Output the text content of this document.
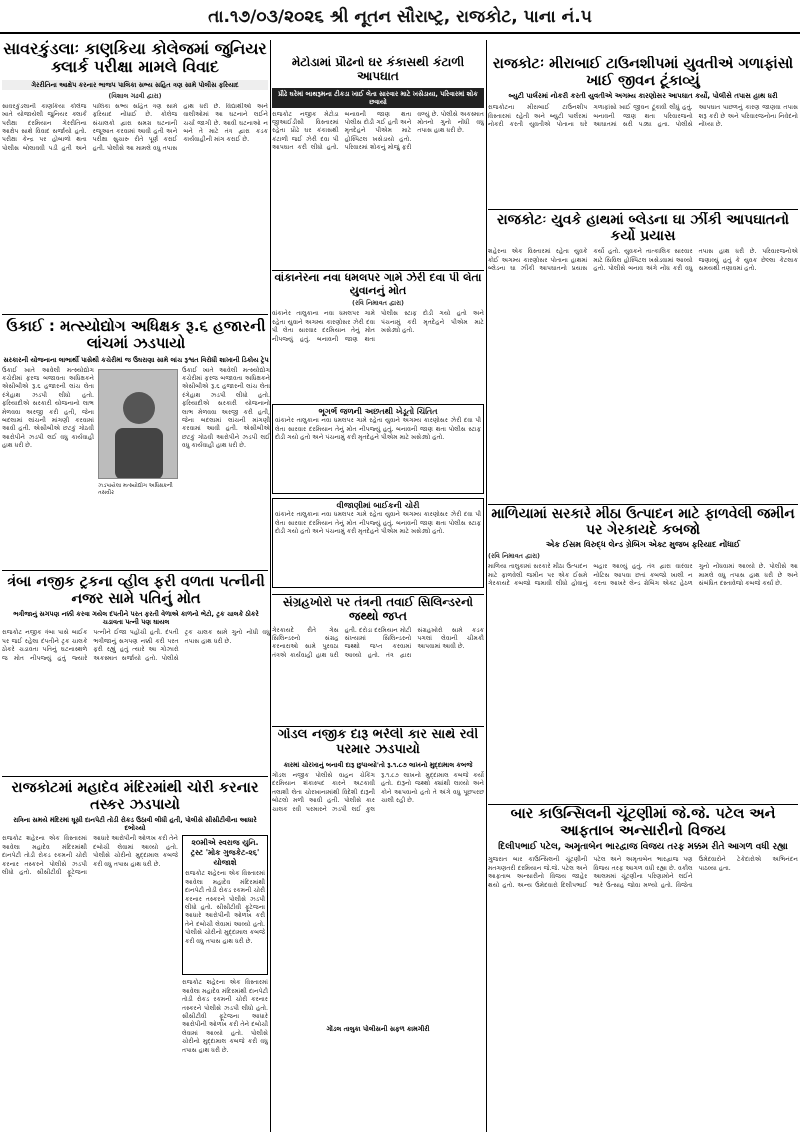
તા.૧૭/૦૩/૨૦૨૬ શ્રી નૂતન સૌરાષ્ટ્ર, રાજકોટ, પાના નં.૫
સાવરકુંડલાઃ કાણકિયા કોલેજમાં જુનિયર ક્લાર્ક પરીક્ષા મામલે વિવાદ
ગેરરીતિના આક્ષેપ કરનાર ભાજપ પાલિકા સભ્ય સહિત ત્રણ સામે પોલીસ ફરિયાદ
(વિશાલ ગઢવી દ્વારા)
સાવરકુંડલાની કાણકિયા કોલેજ ખાતે યોજાયેલી જુનિયર ક્લાર્ક પરીક્ષા દરમિયાન ગેરરીતિના આક્ષેપ સાથે વિવાદ સર્જાયો હતો. પરીક્ષા કેન્દ્ર પર હોબાળો થતા પોલીસ બોલાવવી પડી હતી અને પાલિકા સભ્ય સહિત ત્રણ સામે ફરિયાદ નોંધાઈ છે. કોલેજ સંચાલકો દ્વારા સમગ્ર ઘટનાની રજૂઆત કરવામાં આવી હતી અને પરીક્ષા સુચારુ રીતે પૂર્ણ કરાઈ હતી. પોલીસે આ મામલે વધુ તપાસ હાથ ધરી છે. વિદ્યાર્થીઓ અને વાલીઓમાં આ ઘટનાને લઈને ચર્ચા જાગી છે. આવી ઘટનાઓ ન બને તે માટે તંત્ર દ્વારા કડક કાર્યવાહીની માંગ કરાઈ છે.
મેટોડામાં પ્રૌઢનો ઘર કંકાસથી કંટાળી આપઘાત
પ્રૌઢે ઘરેમાં બાથરૂમના ટીકડા ખાઈ લેતા સારવાર માટે ખસેડાયા, પરિવારમાં શોક છવાયો
રાજકોટ નજીક મેટોડા જીઆઈડીસી વિસ્તારમાં રહેતા પ્રૌઢે ઘર કંકાસથી કંટાળી જઈ ઝેરી દવા પી આપઘાત કરી લીધો હતો. બનાવની જાણ થતા પોલીસ દોડી ગઈ હતી અને મૃતદેહને પીએમ માટે હોસ્પિટલ ખસેડાયો હતો. પરિવારમાં શોકનું મોજું ફરી વળ્યું છે. પોલીસે અકસ્માત મોતનો ગુનો નોંધી વધુ તપાસ હાથ ધરી છે.
રાજકોટઃ મીરાબાઈ ટાઉનશીપમાં યુવતીએ ગળાફાંસો ખાઈ જીવન ટૂંકાવ્યું
બ્યુટી પાર્લરમાં નોકરી કરતી યુવતીએ અગમ્ય કારણોસર આપઘાત કર્યો, પોલીસે તપાસ હાથ ધરી
રાજકોટના મીરાબાઈ ટાઉનશીપ વિસ્તારમાં રહેતી અને બ્યુટી પાર્લરમાં નોકરી કરતી યુવતીએ પોતાના ઘરે ગળાફાંસો ખાઈ જીવન ટૂંકાવી લીધું હતું. બનાવની જાણ થતા પરિવારજનો આઘાતમાં સરી પડ્યા હતા. પોલીસે આપઘાત પાછળનું કારણ જાણવા તપાસ શરૂ કરી છે અને પરિવારજનોના નિવેદનો નોંધ્યા છે.
રાજકોટઃ યુવકે હાથમાં બ્લેડના ઘા ઝીંકી આપઘાતનો કર્યો પ્રયાસ
શહેરના એક વિસ્તારમાં રહેતા યુવકે કોઈ અગમ્ય કારણોસર પોતાના હાથમાં બ્લેડના ઘા ઝીંકી આપઘાતનો પ્રયાસ કર્યો હતો. યુવકને તાત્કાલિક સારવાર માટે સિવિલ હોસ્પિટલ ખસેડવામાં આવ્યો હતો. પોલીસે બનાવ અંગે નોંધ કરી વધુ તપાસ હાથ ધરી છે. પરિવારજનોએ જણાવ્યું હતું કે યુવક છેલ્લા કેટલાક સમયથી તણાવમાં હતો.
ઉકાઈ : મત્સ્યોદ્યોગ અધિક્ષક રૂ.૬ હજારની લાંચમાં ઝડપાયો
સરકારની યોજનાના લાભાર્થી પાસેથી કચેરીમાં જ ઉઘરાણા સામે લાંચ રૂશ્વત વિરોધી શાખાની ડિકોય ટ્રેપ
ઉકાઈ ખાતે આવેલી મત્સ્યોદ્યોગ કચેરીમાં ફરજ બજાવતા અધિક્ષકને એસીબીએ રૂ.૬ હજારની લાંચ લેતા રંગેહાથ ઝડપી લીધો હતો. ફરિયાદીએ સરકારી યોજનાનો લાભ મેળવવા અરજી કરી હતી, જેના બદલામાં લાંચની માંગણી કરવામાં આવી હતી. એસીબીએ છટકું ગોઠવી આરોપીને ઝડપી લઈ વધુ કાર્યવાહી હાથ ધરી છે.
ઝડપાયેલા મત્સ્યોદ્યોગ અધિક્ષકની તસવીર
ઉકાઈ ખાતે આવેલી મત્સ્યોદ્યોગ કચેરીમાં ફરજ બજાવતા અધિક્ષકને એસીબીએ રૂ.૬ હજારની લાંચ લેતા રંગેહાથ ઝડપી લીધો હતો. ફરિયાદીએ સરકારી યોજનાનો લાભ મેળવવા અરજી કરી હતી, જેના બદલામાં લાંચની માંગણી કરવામાં આવી હતી. એસીબીએ છટકું ગોઠવી આરોપીને ઝડપી લઈ વધુ કાર્યવાહી હાથ ધરી છે.
વાંકાનેરના નવા ધમલપર ગામે ઝેરી દવા પી લેતા યુવાનનું મોત
(રવિ નિમાવત દ્વારા)
વાંકાનેર તાલુકાના નવા ધમલપર ગામે રહેતા યુવાને અગમ્ય કારણોસર ઝેરી દવા પી લેતા સારવાર દરમિયાન તેનું મોત નીપજ્યું હતું. બનાવની જાણ થતા પોલીસ સ્ટાફ દોડી ગયો હતો અને પંચનામું કરી મૃતદેહને પીએમ માટે ખસેડ્યો હતો.
ભૂગર્ભ જળની અછતથી ખેડૂતો ચિંતિત
વાંકાનેર તાલુકાના નવા ધમલપર ગામે રહેતા યુવાને અગમ્ય કારણોસર ઝેરી દવા પી લેતા સારવાર દરમિયાન તેનું મોત નીપજ્યું હતું. બનાવની જાણ થતા પોલીસ સ્ટાફ દોડી ગયો હતો અને પંચનામું કરી મૃતદેહને પીએમ માટે ખસેડ્યો હતો.
વીજાણીમાં બાઈકની ચોરી
વાંકાનેર તાલુકાના નવા ધમલપર ગામે રહેતા યુવાને અગમ્ય કારણોસર ઝેરી દવા પી લેતા સારવાર દરમિયાન તેનું મોત નીપજ્યું હતું. બનાવની જાણ થતા પોલીસ સ્ટાફ દોડી ગયો હતો અને પંચનામું કરી મૃતદેહને પીએમ માટે ખસેડ્યો હતો.
માળિયામાં સરકારે મીઠા ઉત્પાદન માટે ફાળવેલી જમીન પર ગેરકાયદે કબજો
એક ઈસમ વિરુદ્ધ લેન્ડ ગ્રેબિંગ એક્ટ મુજબ ફરિયાદ નોંધાઈ
(રવિ નિમાવત દ્વારા)
માળિયા તાલુકામાં સરકારે મીઠા ઉત્પાદન માટે ફાળવેલી જમીન પર એક ઈસમે ગેરકાયદે કબજો જમાવી લીધો હોવાનું બહાર આવ્યું હતું. તંત્ર દ્વારા વારંવાર નોટિસ આપવા છતાં કબજો ખાલી ન કરતા આખરે લેન્ડ ગ્રેબિંગ એક્ટ હેઠળ ગુનો નોંધવામાં આવ્યો છે. પોલીસે આ મામલે વધુ તપાસ હાથ ધરી છે અને સંબંધિત દસ્તાવેજો કબજે કર્યા છે.
ત્રંબા નજીક ટ્રકના વ્હીલ ફરી વળતા પત્નીની નજર સામે પતિનું મોત
ભત્રીજાનું સગપણ નક્કી કરવા ગયેલ દંપતીને પરત ફરતી વેળાએ કાળનો ભેટો, ટ્રક ચાલકે ઠોકરે ચડાવતા પત્ની પણ ઘાયલ
રાજકોટ નજીક ત્રંબા પાસે બાઈક પર જઈ રહેલા દંપતીને ટ્રક ચાલકે ઠોકરે ચડાવતા પતિનું ઘટનાસ્થળે જ મોત નીપજ્યું હતું જ્યારે પત્નીને ઈજા પહોંચી હતી. દંપતી ભત્રીજાનું સગપણ નક્કી કરી પરત ફરી રહ્યું હતું ત્યારે આ ગોઝારો અકસ્માત સર્જાયો હતો. પોલીસે ટ્રક ચાલક સામે ગુનો નોંધી વધુ તપાસ હાથ ધરી છે.
સંગ્રહખોરો પર તંત્રની તવાઈ સિલિન્ડરનો જથ્થો જપ્ત
ગેરકાયદે રીતે ગેસ સિલિન્ડરનો સંગ્રહ કરનારાઓ સામે પુરવઠા તંત્રએ કાર્યવાહી હાથ ધરી હતી. દરોડા દરમિયાન મોટી સંખ્યામાં સિલિન્ડરનો જથ્થો જપ્ત કરવામાં આવ્યો હતો. તંત્ર દ્વારા સંગ્રહખોરો સામે કડક પગલાં લેવાની ચીમકી આપવામાં આવી છે.
ગોંડલ નજીક દારૂ ભરેલી કાર સાથે રવી પરમાર ઝડપાયો
કારમાં ચોરખાનું બનાવી દારૂ છુપાવ્યો'તો રૂ.૧.૮૭ લાખનો મુદ્દામાલ કબજે
ગોંડલ નજીક પોલીસે વાહન ચેકિંગ દરમિયાન શંકાસ્પદ કારને અટકાવી તલાશી લેતા ચોરખાનામાંથી વિદેશી દારૂની બોટલો મળી આવી હતી. પોલીસે કાર ચાલક રવી પરમારને ઝડપી લઈ કુલ રૂ.૧.૮૭ લાખનો મુદ્દામાલ કબજે કર્યો હતો. દારૂનો જથ્થો ક્યાંથી લાવ્યો અને કોને આપવાનો હતો તે અંગે વધુ પૂછપરછ ચાલી રહી છે.
ગોંડલ તાલુકા પોલીસની સફળ કામગીરી
રાજકોટમાં મહાદેવ મંદિરમાંથી ચોરી કરનાર તસ્કર ઝડપાયો
રાત્રિના સમયે મંદિરમાં ઘૂસી દાનપેટી તોડી રોકડ ઉઠાવી લીધી હતી, પોલીસે સીસીટીવીના આધારે દબોચ્યો
રાજકોટ શહેરના એક વિસ્તારમાં આવેલા મહાદેવ મંદિરમાંથી દાનપેટી તોડી રોકડ રકમની ચોરી કરનાર તસ્કરને પોલીસે ઝડપી લીધો હતો. સીસીટીવી ફૂટેજના આધારે આરોપીની ઓળખ કરી તેને દબોચી લેવામાં આવ્યો હતો. પોલીસે ચોરીનો મુદ્દામાલ કબજે કરી વધુ તપાસ હાથ ધરી છે.
૨૦મીએ સ્વરાજ યુનિ. ટ્રસ્ટ 'મોક ગુજકેટ-૨૬' યોજાશે
રાજકોટ શહેરના એક વિસ્તારમાં આવેલા મહાદેવ મંદિરમાંથી દાનપેટી તોડી રોકડ રકમની ચોરી કરનાર તસ્કરને પોલીસે ઝડપી લીધો હતો. સીસીટીવી ફૂટેજના આધારે આરોપીની ઓળખ કરી તેને દબોચી લેવામાં આવ્યો હતો. પોલીસે ચોરીનો મુદ્દામાલ કબજે કરી વધુ તપાસ હાથ ધરી છે.
રાજકોટ શહેરના એક વિસ્તારમાં આવેલા મહાદેવ મંદિરમાંથી દાનપેટી તોડી રોકડ રકમની ચોરી કરનાર તસ્કરને પોલીસે ઝડપી લીધો હતો. સીસીટીવી ફૂટેજના આધારે આરોપીની ઓળખ કરી તેને દબોચી લેવામાં આવ્યો હતો. પોલીસે ચોરીનો મુદ્દામાલ કબજે કરી વધુ તપાસ હાથ ધરી છે.
બાર કાઉન્સિલની ચૂંટણીમાં જે.જે. પટેલ અને આફતાબ અન્સારીનો વિજય
દિલીપભાઈ પટેલ, અમૃતાબેન ભારદ્વાજ વિજય તરફ મક્કમ રીતે આગળ વધી રહ્યા
ગુજરાત બાર કાઉન્સિલની ચૂંટણીની મતગણતરી દરમિયાન જે.જે. પટેલ અને આફતાબ અન્સારીનો વિજય જાહેર થયો હતો. અન્ય ઉમેદવારો દિલીપભાઈ પટેલ અને અમૃતાબેન ભારદ્વાજ પણ વિજય તરફ આગળ વધી રહ્યા છે. વકીલ આલમમાં ચૂંટણીના પરિણામોને લઈને ભારે ઉત્સાહ જોવા મળ્યો હતો. વિજેતા ઉમેદવારોને ટેકેદારોએ અભિનંદન પાઠવ્યા હતા.
